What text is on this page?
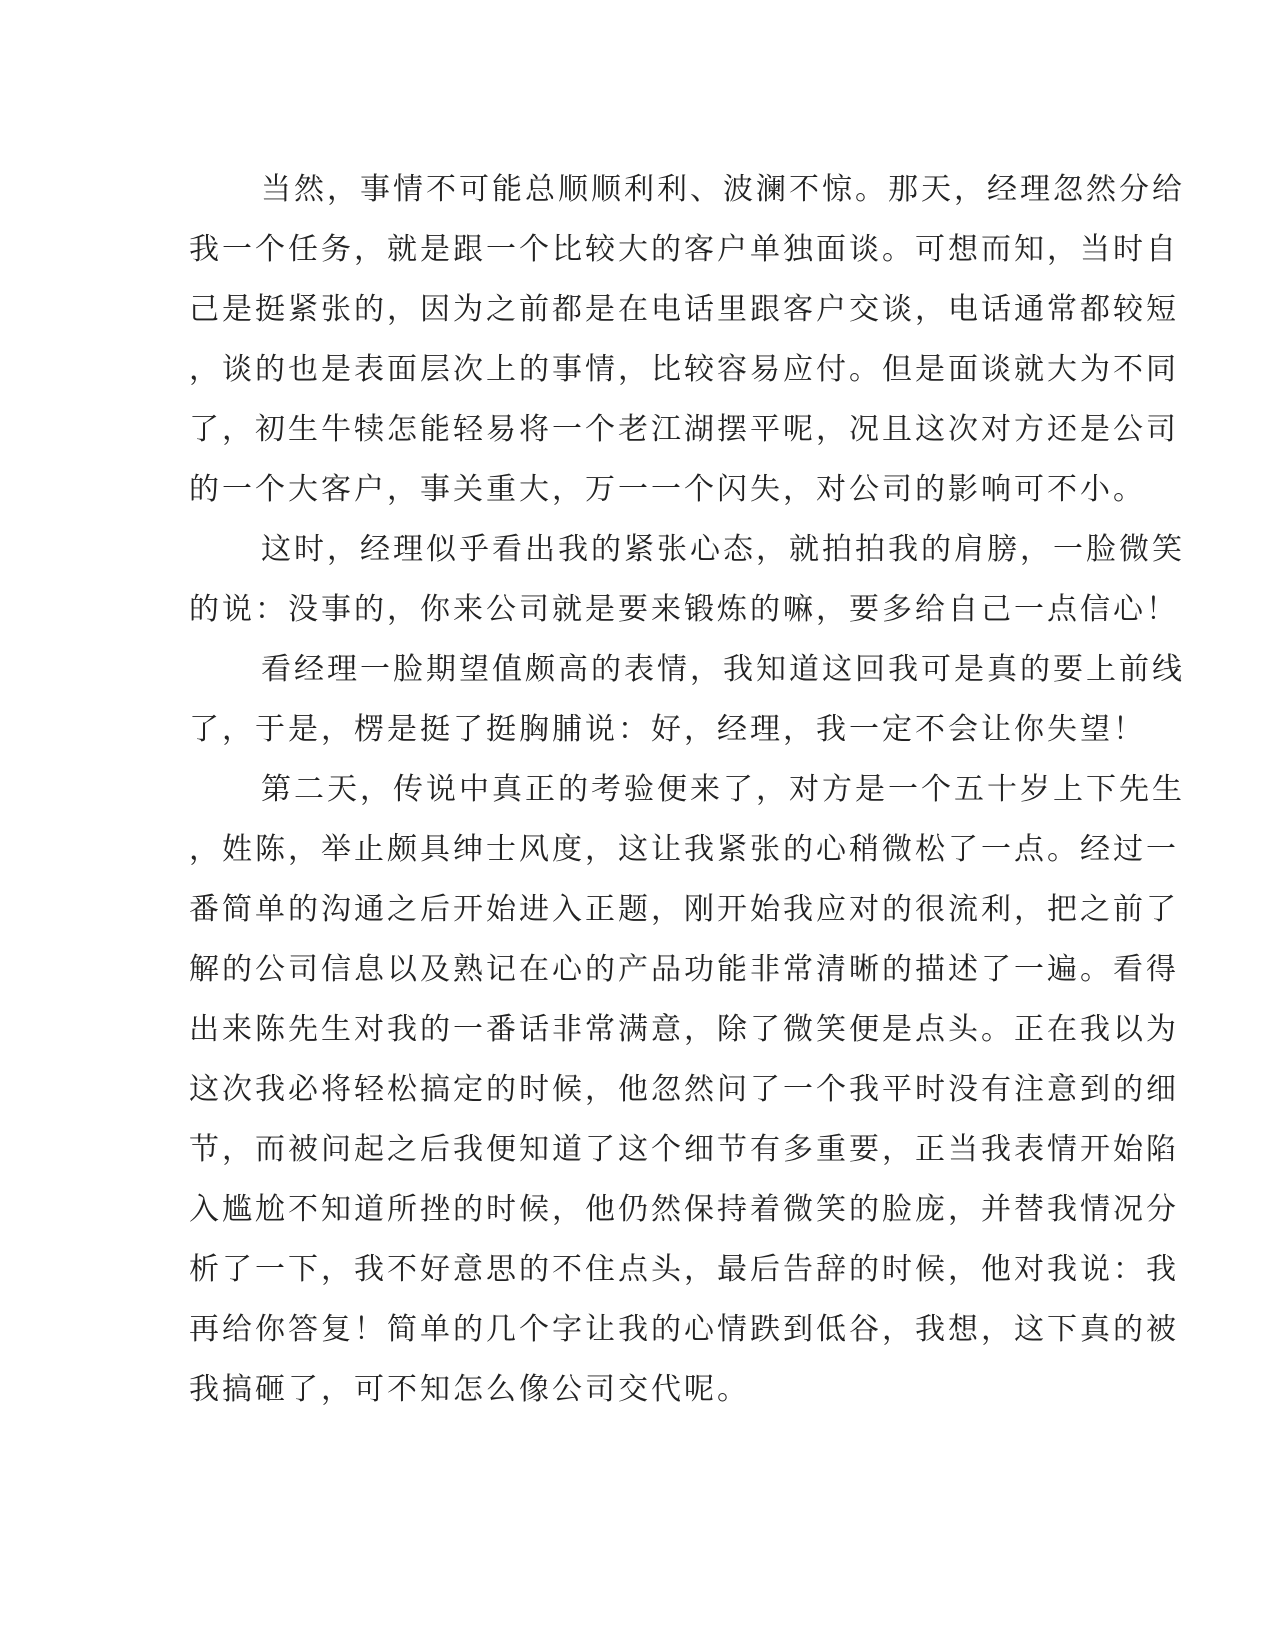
当然，事情不可能总顺顺利利、波澜不惊。那天，经理忽然分给
我一个任务，就是跟一个比较大的客户单独面谈。可想而知，当时自
己是挺紧张的，因为之前都是在电话里跟客户交谈，电话通常都较短
，谈的也是表面层次上的事情，比较容易应付。但是面谈就大为不同
了，初生牛犊怎能轻易将一个老江湖摆平呢，况且这次对方还是公司
的一个大客户，事关重大，万一一个闪失，对公司的影响可不小。
这时，经理似乎看出我的紧张心态，就拍拍我的肩膀，一脸微笑
的说：没事的，你来公司就是要来锻炼的嘛，要多给自己一点信心！
看经理一脸期望值颇高的表情，我知道这回我可是真的要上前线
了，于是，楞是挺了挺胸脯说：好，经理，我一定不会让你失望！
第二天，传说中真正的考验便来了，对方是一个五十岁上下先生
，姓陈，举止颇具绅士风度，这让我紧张的心稍微松了一点。经过一
番简单的沟通之后开始进入正题，刚开始我应对的很流利，把之前了
解的公司信息以及熟记在心的产品功能非常清晰的描述了一遍。看得
出来陈先生对我的一番话非常满意，除了微笑便是点头。正在我以为
这次我必将轻松搞定的时候，他忽然问了一个我平时没有注意到的细
节，而被问起之后我便知道了这个细节有多重要，正当我表情开始陷
入尴尬不知道所挫的时候，他仍然保持着微笑的脸庞，并替我情况分
析了一下，我不好意思的不住点头，最后告辞的时候，他对我说：我
再给你答复！简单的几个字让我的心情跌到低谷，我想，这下真的被
我搞砸了，可不知怎么像公司交代呢。
